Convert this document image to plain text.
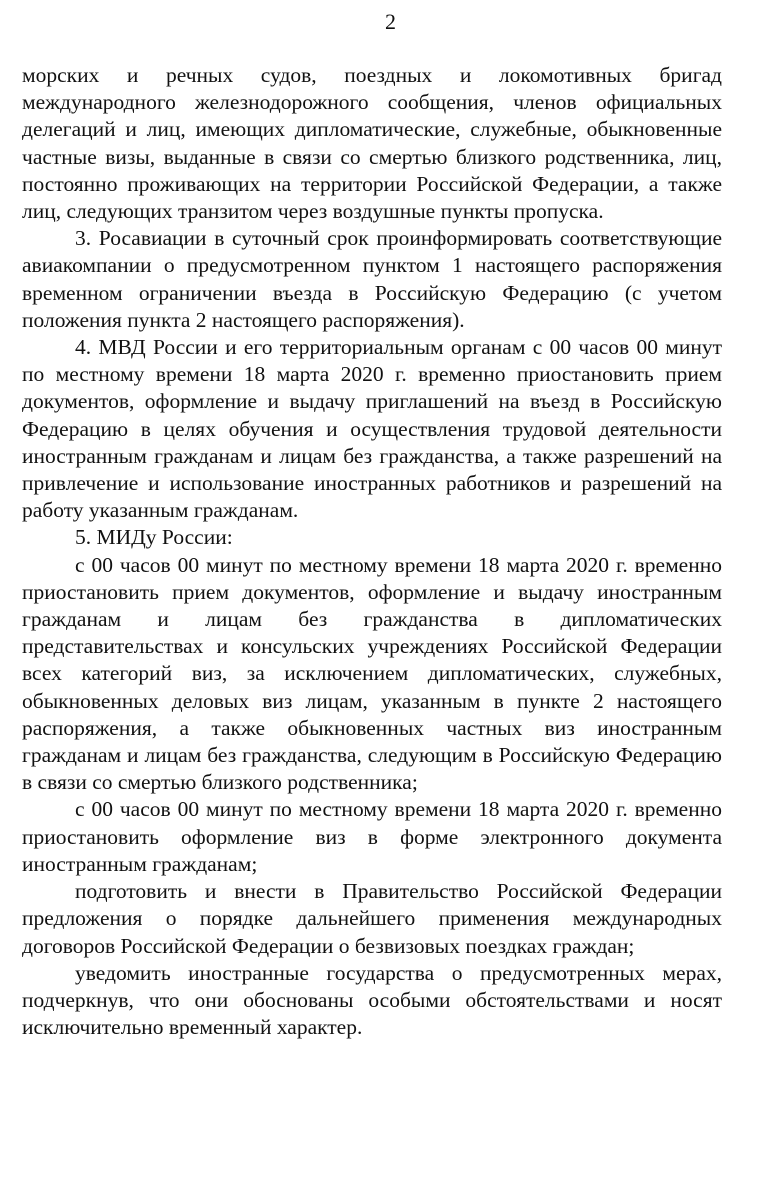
2

морских и речных судов, поездных и локомотивных бригад международного железнодорожного сообщения, членов официальных делегаций и лиц, имеющих дипломатические, служебные, обыкновенные частные визы, выданные в связи со смертью близкого родственника, лиц, постоянно проживающих на территории Российской Федерации, а также лиц, следующих транзитом через воздушные пункты пропуска.

3. Росавиации в суточный срок проинформировать соответствующие авиакомпании о предусмотренном пунктом 1 настоящего распоряжения временном ограничении въезда в Российскую Федерацию (с учетом положения пункта 2 настоящего распоряжения).

4. МВД России и его территориальным органам с 00 часов 00 минут по местному времени 18 марта 2020 г. временно приостановить прием документов, оформление и выдачу приглашений на въезд в Российскую Федерацию в целях обучения и осуществления трудовой деятельности иностранным гражданам и лицам без гражданства, а также разрешений на привлечение и использование иностранных работников и разрешений на работу указанным гражданам.

5. МИДу России:

с 00 часов 00 минут по местному времени 18 марта 2020 г. временно приостановить прием документов, оформление и выдачу иностранным гражданам и лицам без гражданства в дипломатических представительствах и консульских учреждениях Российской Федерации всех категорий виз, за исключением дипломатических, служебных, обыкновенных деловых виз лицам, указанным в пункте 2 настоящего распоряжения, а также обыкновенных частных виз иностранным гражданам и лицам без гражданства, следующим в Российскую Федерацию в связи со смертью близкого родственника;

с 00 часов 00 минут по местному времени 18 марта 2020 г. временно приостановить оформление виз в форме электронного документа иностранным гражданам;

подготовить и внести в Правительство Российской Федерации предложения о порядке дальнейшего применения международных договоров Российской Федерации о безвизовых поездках граждан;

уведомить иностранные государства о предусмотренных мерах, подчеркнув, что они обоснованы особыми обстоятельствами и носят исключительно временный характер.
